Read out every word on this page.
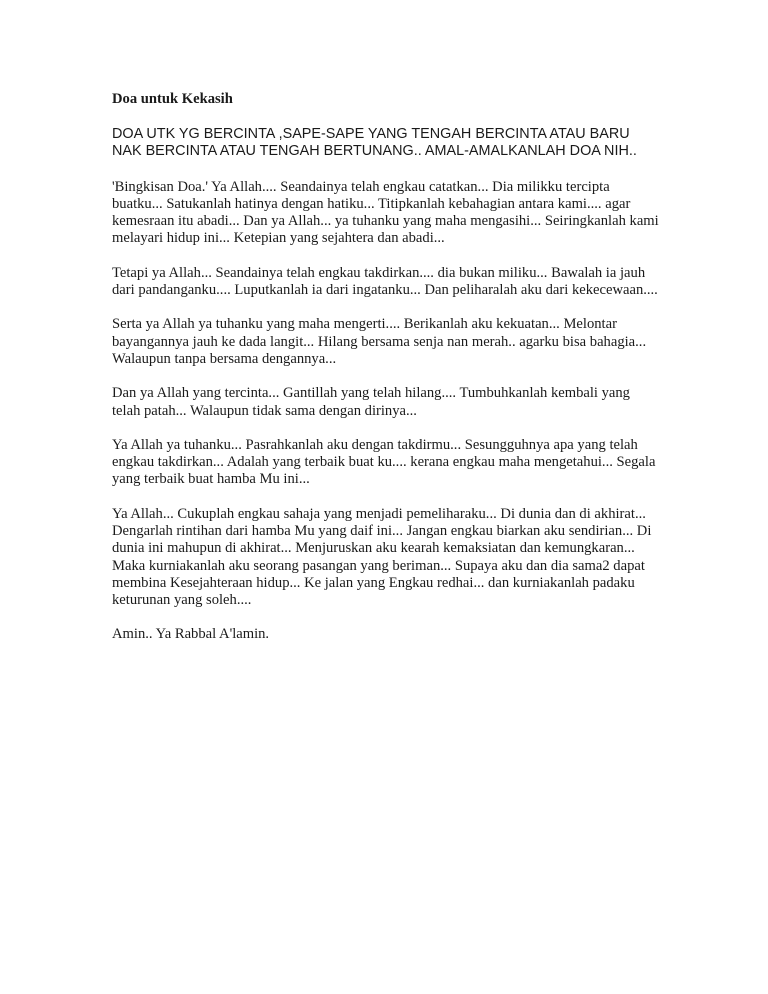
Doa untuk Kekasih

DOA UTK YG BERCINTA ,SAPE-SAPE YANG TENGAH BERCINTA ATAU BARU NAK BERCINTA ATAU TENGAH BERTUNANG.. AMAL-AMALKANLAH DOA NIH..

'Bingkisan Doa.' Ya Allah.... Seandainya telah engkau catatkan... Dia milikku tercipta buatku... Satukanlah hatinya dengan hatiku... Titipkanlah kebahagian antara kami.... agar kemesraan itu abadi... Dan ya Allah... ya tuhanku yang maha mengasihi... Seiringkanlah kami melayari hidup ini... Ketepian yang sejahtera dan abadi...

Tetapi ya Allah... Seandainya telah engkau takdirkan.... dia bukan miliku... Bawalah ia jauh dari pandanganku.... Luputkanlah ia dari ingatanku... Dan peliharalah aku dari kekecewaan....

Serta ya Allah ya tuhanku yang maha mengerti.... Berikanlah aku kekuatan... Melontar bayangannya jauh ke dada langit... Hilang bersama senja nan merah.. agarku bisa bahagia... Walaupun tanpa bersama dengannya...

Dan ya Allah yang tercinta... Gantillah yang telah hilang.... Tumbuhkanlah kembali yang telah patah... Walaupun tidak sama dengan dirinya...

Ya Allah ya tuhanku... Pasrahkanlah aku dengan takdirmu... Sesungguhnya apa yang telah engkau takdirkan... Adalah yang terbaik buat ku.... kerana engkau maha mengetahui... Segala yang terbaik buat hamba Mu ini...

Ya Allah... Cukuplah engkau sahaja yang menjadi pemeliharaku... Di dunia dan di akhirat... Dengarlah rintihan dari hamba Mu yang daif ini... Jangan engkau biarkan aku sendirian... Di dunia ini mahupun di akhirat... Menjuruskan aku kearah kemaksiatan dan kemungkaran... Maka kurniakanlah aku seorang pasangan yang beriman... Supaya aku dan dia sama2 dapat membina Kesejahteraan hidup... Ke jalan yang Engkau redhai... dan kurniakanlah padaku keturunan yang soleh....

Amin.. Ya Rabbal A'lamin.
